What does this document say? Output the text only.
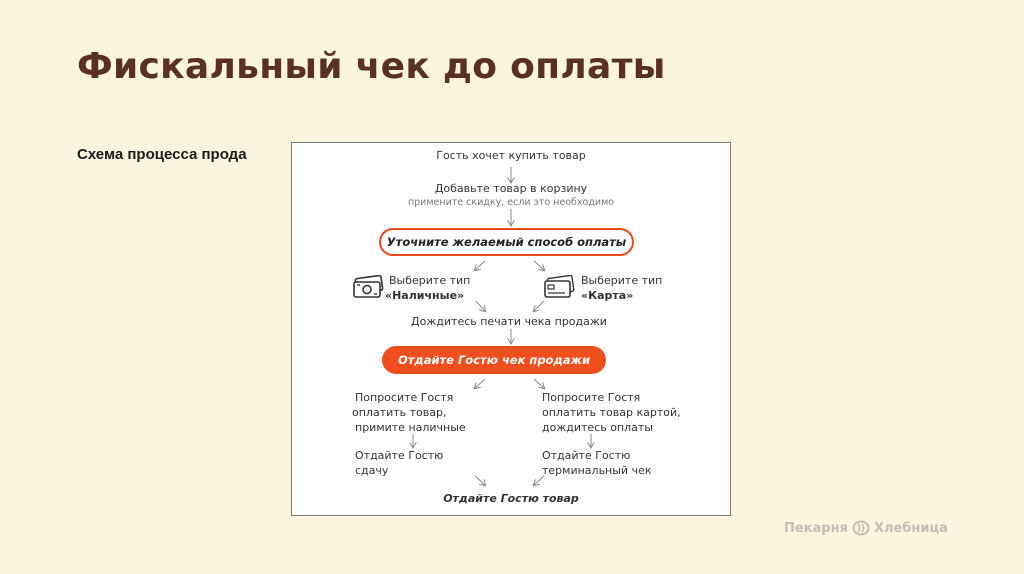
Фискальный чек до оплаты
Схема процесса прода	Гость хочет купить товар
Добавьте товар в корзину
примените скидку, если это необходимо
Уточните желаемый способ оплаты
Выберите тип
«Наличные»
Выберите тип
«Карта»
Дождитесь печати чека продажи
Отдайте Гостю чек продажи
Попросите Гостя
оплатить товар,
примите наличные
Попросите Гостя
оплатить товар картой,
дождитесь оплаты
Отдайте Гостю
сдачу
Отдайте Гостю
терминальный чек
Отдайте Гостю товар
Пекарня Хлебница
